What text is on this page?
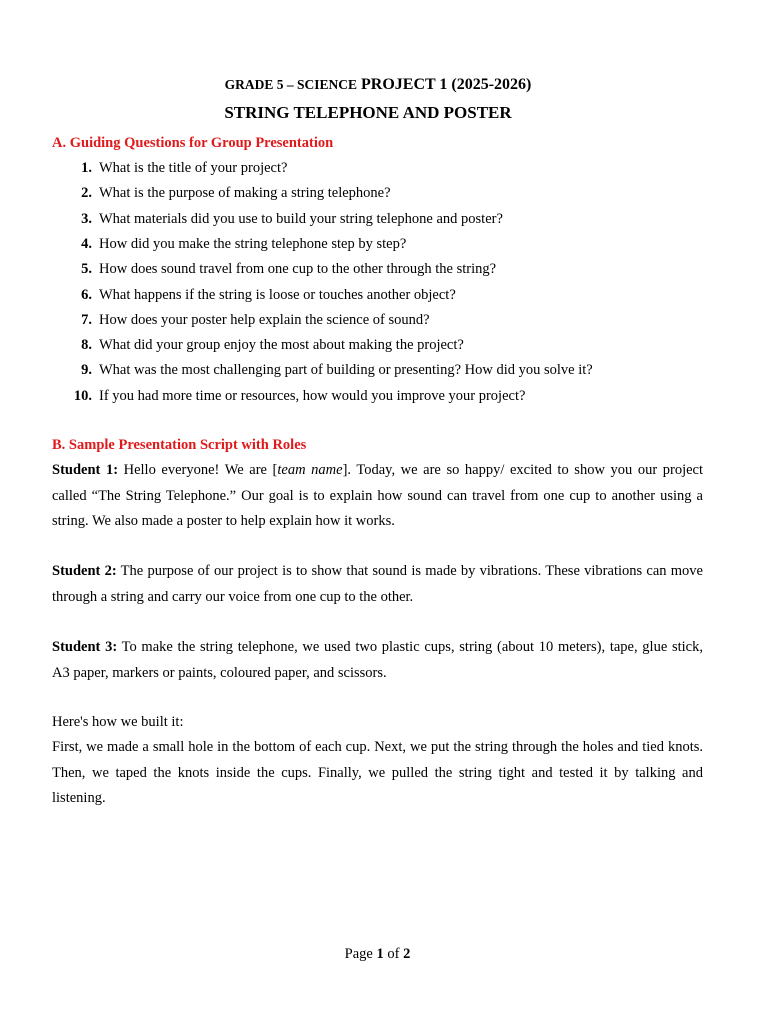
GRADE 5 – SCIENCE PROJECT 1 (2025-2026)
STRING TELEPHONE AND POSTER
A. Guiding Questions for Group Presentation
1. What is the title of your project?
2. What is the purpose of making a string telephone?
3. What materials did you use to build your string telephone and poster?
4. How did you make the string telephone step by step?
5. How does sound travel from one cup to the other through the string?
6. What happens if the string is loose or touches another object?
7. How does your poster help explain the science of sound?
8. What did your group enjoy the most about making the project?
9. What was the most challenging part of building or presenting? How did you solve it?
10. If you had more time or resources, how would you improve your project?
B. Sample Presentation Script with Roles
Student 1: Hello everyone! We are [team name]. Today, we are so happy/ excited to show you our project called “The String Telephone.” Our goal is to explain how sound can travel from one cup to another using a string. We also made a poster to help explain how it works.
Student 2: The purpose of our project is to show that sound is made by vibrations. These vibrations can move through a string and carry our voice from one cup to the other.
Student 3: To make the string telephone, we used two plastic cups, string (about 10 meters), tape, glue stick, A3 paper, markers or paints, coloured paper, and scissors.
Here's how we built it:
First, we made a small hole in the bottom of each cup. Next, we put the string through the holes and tied knots. Then, we taped the knots inside the cups. Finally, we pulled the string tight and tested it by talking and listening.
Page 1 of 2
